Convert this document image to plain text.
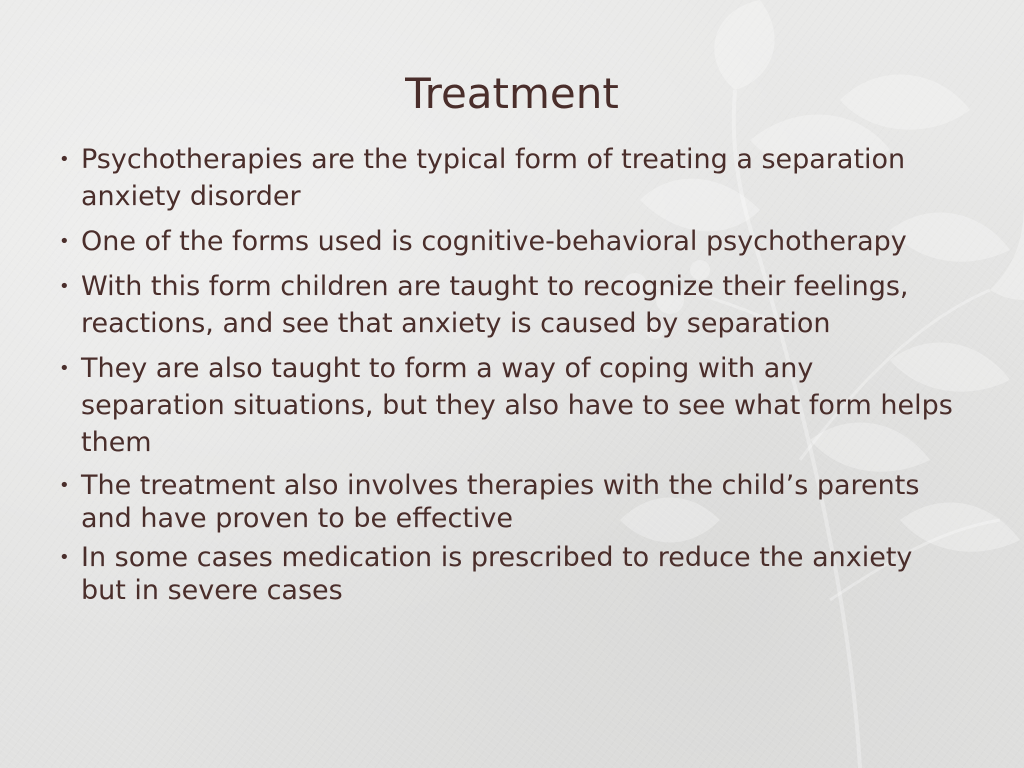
Treatment
• Psychotherapies are the typical form of treating a separation anxiety disorder
• One of the forms used is cognitive-behavioral psychotherapy
• With this form children are taught to recognize their feelings, reactions, and see that anxiety is caused by separation
• They are also taught to form a way of coping with any separation situations, but they also have to see what form helps them
• The treatment also involves therapies with the child’s parents and have proven to be effective
• In some cases medication is prescribed to reduce the anxiety but in severe cases
